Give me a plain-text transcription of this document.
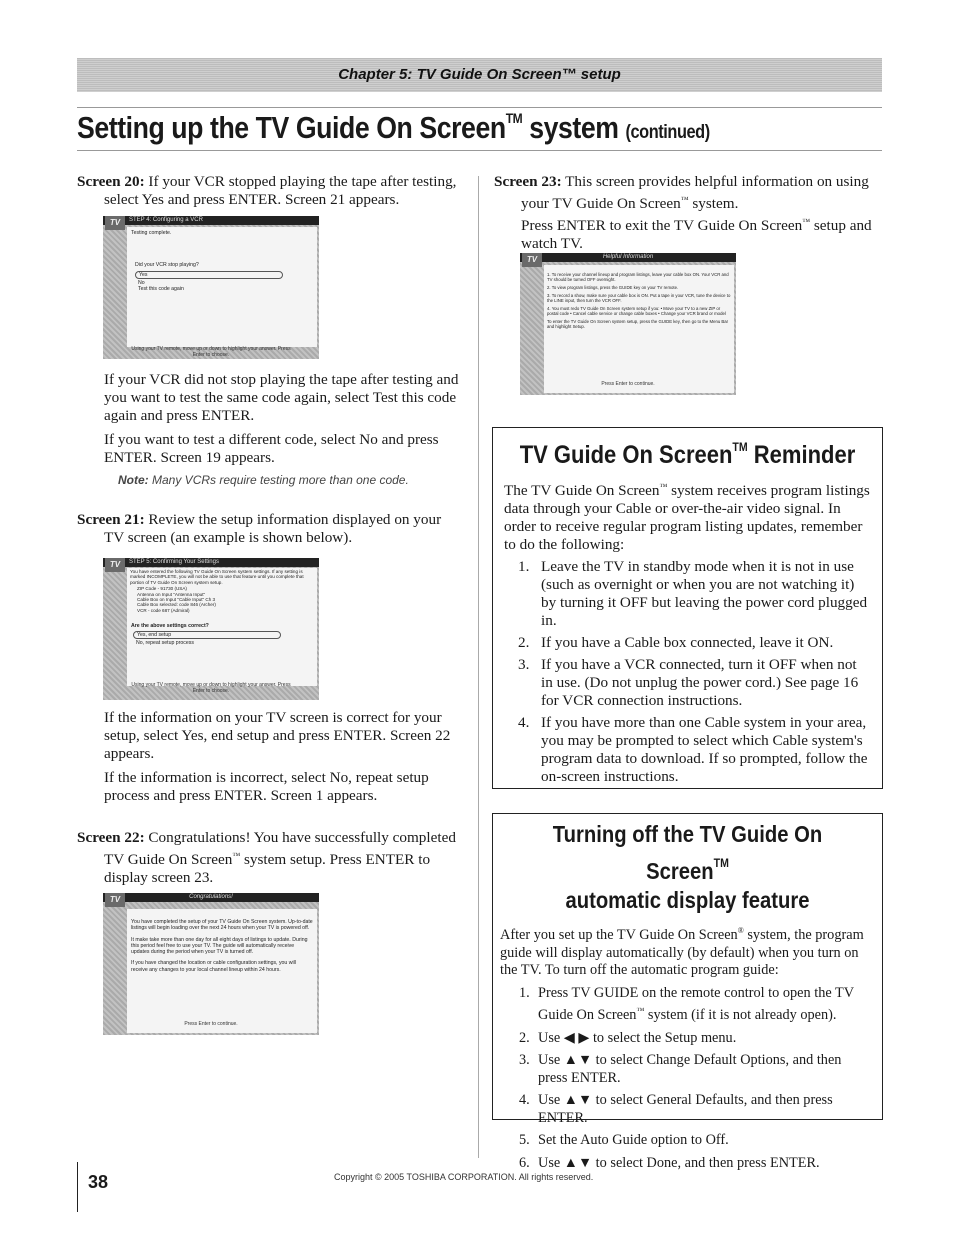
Chapter 5: TV Guide On Screen™ setup
Setting up the TV Guide On Screen™ system (continued)

Screen 20: If your VCR stopped playing the tape after testing, select Yes and press ENTER. Screen 21 appears.

STEP 4: Configuring a VCR
TV
Testing complete.
Did your VCR stop playing?
Yes
No
Test this code again
Using your TV remote, move up or down to highlight your answer. Press Enter to choose.

If your VCR did not stop playing the tape after testing and you want to test the same code again, select Test this code again and press ENTER.

If you want to test a different code, select No and press ENTER. Screen 19 appears.

Note: Many VCRs require testing more than one code.

Screen 21: Review the setup information displayed on your TV screen (an example is shown below).

STEP 5: Confirming Your Settings
TV
You have entered the following TV Guide On Screen system settings. If any setting is marked INCOMPLETE, you will not be able to use that feature until you complete that portion of TV Guide On Screen system setup.
ZIP Code - 91730 (USA)
Antenna on Input "Antenna Input"
Cable Box on Input "Cable Input" Ch 3
Cable Box selected: code 846 (Archer)
VCR - code 687 (Admiral)
Are the above settings correct?
Yes, end setup
No, repeat setup process
Using your TV remote, move up or down to highlight your answer. Press Enter to choose.

If the information on your TV screen is correct for your setup, select Yes, end setup and press ENTER. Screen 22 appears.

If the information is incorrect, select No, repeat setup process and press ENTER. Screen 1 appears.

Screen 22: Congratulations! You have successfully completed TV Guide On Screen™ system setup. Press ENTER to display screen 23.

Congratulations!
TV
You have completed the setup of your TV Guide On Screen system. Up-to-date listings will begin loading over the next 24 hours when your TV is powered off.
It make take more than one day for all eight days of listings to update. During this period feel free to use your TV. The guide will automatically receive updates during the period when your TV is turned off.
If you have changed the location or cable configuration settings, you will receive any changes to your local channel lineup within 24 hours.
Press Enter to continue.

Screen 23: This screen provides helpful information on using your TV Guide On Screen™ system.

Press ENTER to exit the TV Guide On Screen™ setup and watch TV.

Helpful Information
TV
1. To receive your channel lineup and program listings, leave your cable box ON. Your VCR and TV should be turned OFF overnight.
2. To view program listings, press the GUIDE key on your TV remote.
3. To record a show, make sure your cable box is ON. Put a tape in your VCR, tune the device to the LINE input, then turn the VCR OFF.
4. You must redo TV Guide On Screen system setup if you: • Move your TV to a new ZIP or postal code • Cancel cable service or change cable boxes • Change your VCR brand or model
To enter the TV Guide On Screen system setup, press the GUIDE key, then go to the Menu Bar and highlight Setup.
Press Enter to continue.
TV Guide On Screen™ Reminder

The TV Guide On Screen™ system receives program listings data through your Cable or over-the-air video signal. In order to receive regular program listing updates, remember to do the following:

1. Leave the TV in standby mode when it is not in use (such as overnight or when you are not watching it) by turning it OFF but leaving the power cord plugged in.
2. If you have a Cable box connected, leave it ON.
3. If you have a VCR connected, turn it OFF when not in use. (Do not unplug the power cord.) See page 16 for VCR connection instructions.
4. If you have more than one Cable system in your area, you may be prompted to select which Cable system's program data to download. If so prompted, follow the on-screen instructions.
Turning off the TV Guide On Screen™
automatic display feature

After you set up the TV Guide On Screen® system, the program guide will display automatically (by default) when you turn on the TV. To turn off the automatic program guide:

1. Press TV GUIDE on the remote control to open the TV Guide On Screen™ system (if it is not already open).
2. Use ◀ ▶ to select the Setup menu.
3. Use ▲▼ to select Change Default Options, and then press ENTER.
4. Use ▲▼ to select General Defaults, and then press ENTER.
5. Set the Auto Guide option to Off.
6. Use ▲▼ to select Done, and then press ENTER.
38	Copyright © 2005 TOSHIBA CORPORATION. All rights reserved.
